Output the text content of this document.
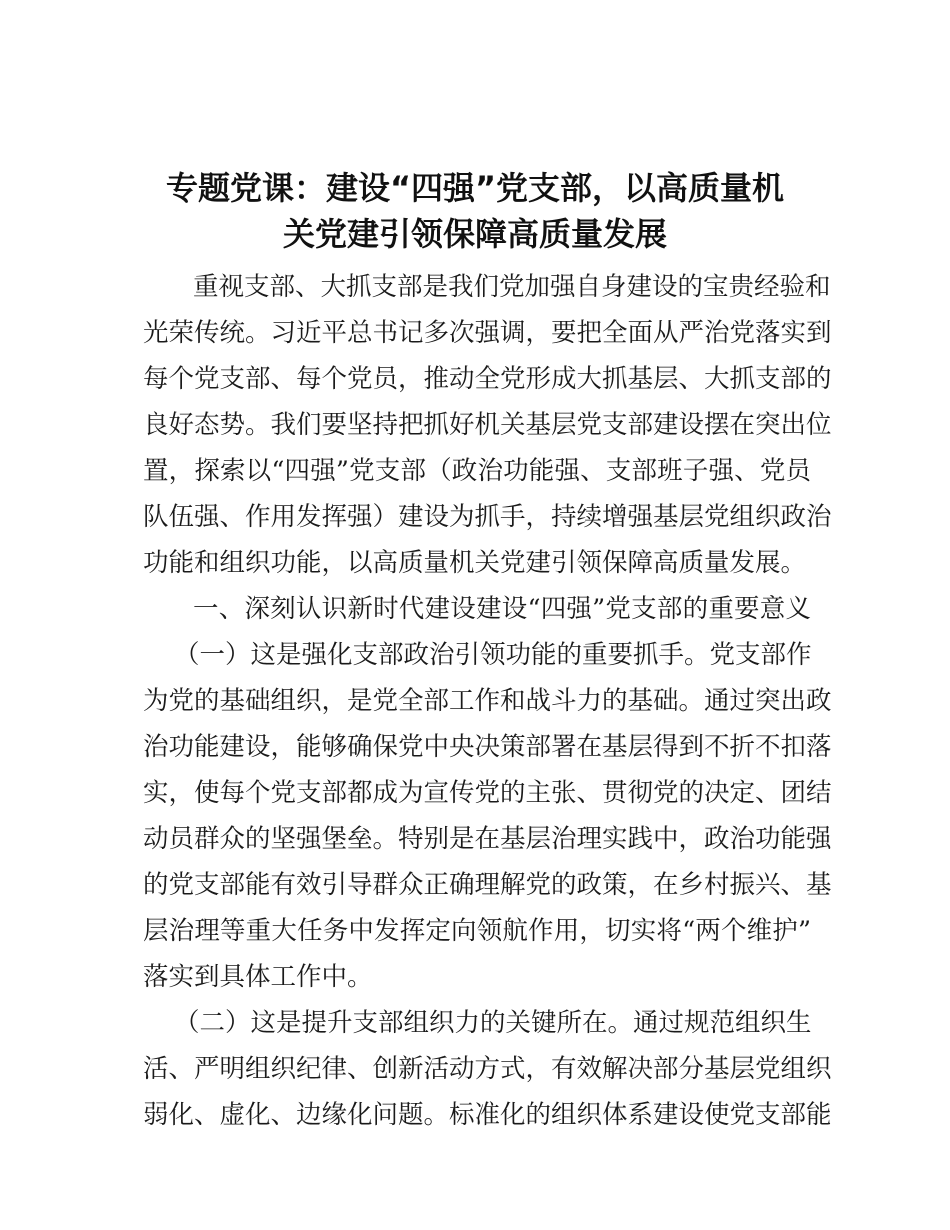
专题党课：建设“四强”党支部，以高质量机
关党建引领保障高质量发展

重视支部、大抓支部是我们党加强自身建设的宝贵经验和

光荣传统。习近平总书记多次强调，要把全面从严治党落实到

每个党支部、每个党员，推动全党形成大抓基层、大抓支部的

良好态势。我们要坚持把抓好机关基层党支部建设摆在突出位

置，探索以“四强”党支部（政治功能强、支部班子强、党员

队伍强、作用发挥强）建设为抓手，持续增强基层党组织政治

功能和组织功能，以高质量机关党建引领保障高质量发展。

一、深刻认识新时代建设建设“四强”党支部的重要意义

（一）这是强化支部政治引领功能的重要抓手。党支部作

为党的基础组织，是党全部工作和战斗力的基础。通过突出政

治功能建设，能够确保党中央决策部署在基层得到不折不扣落

实，使每个党支部都成为宣传党的主张、贯彻党的决定、团结

动员群众的坚强堡垒。特别是在基层治理实践中，政治功能强

的党支部能有效引导群众正确理解党的政策，在乡村振兴、基

层治理等重大任务中发挥定向领航作用，切实将“两个维护”

落实到具体工作中。

（二）这是提升支部组织力的关键所在。通过规范组织生

活、严明组织纪律、创新活动方式，有效解决部分基层党组织

弱化、虚化、边缘化问题。标准化的组织体系建设使党支部能
